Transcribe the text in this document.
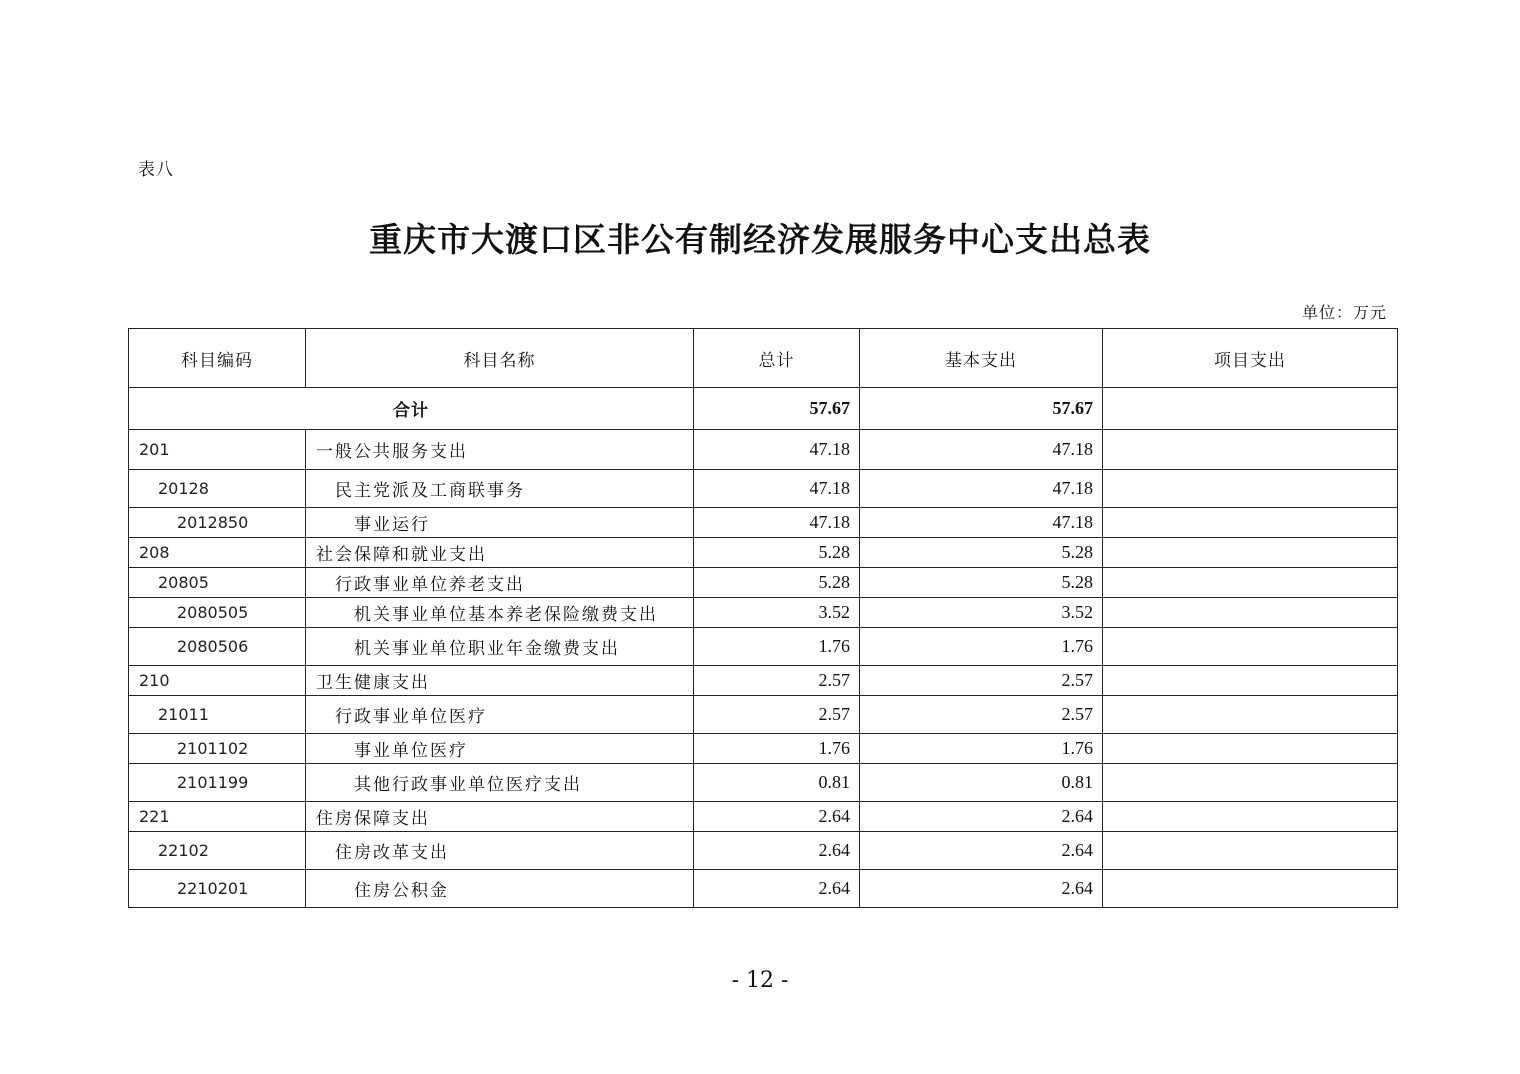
表八
重庆市大渡口区非公有制经济发展服务中心支出总表
单位：万元
科目编码	科目名称	总计	基本支出	项目支出
合计		57.67	57.67	
201	一般公共服务支出	47.18	47.18	
20128	民主党派及工商联事务	47.18	47.18	
2012850	事业运行	47.18	47.18	
208	社会保障和就业支出	5.28	5.28	
20805	行政事业单位养老支出	5.28	5.28	
2080505	机关事业单位基本养老保险缴费支出	3.52	3.52	
2080506	机关事业单位职业年金缴费支出	1.76	1.76	
210	卫生健康支出	2.57	2.57	
21011	行政事业单位医疗	2.57	2.57	
2101102	事业单位医疗	1.76	1.76	
2101199	其他行政事业单位医疗支出	0.81	0.81	
221	住房保障支出	2.64	2.64	
22102	住房改革支出	2.64	2.64	
2210201	住房公积金	2.64	2.64	
- 12 -
